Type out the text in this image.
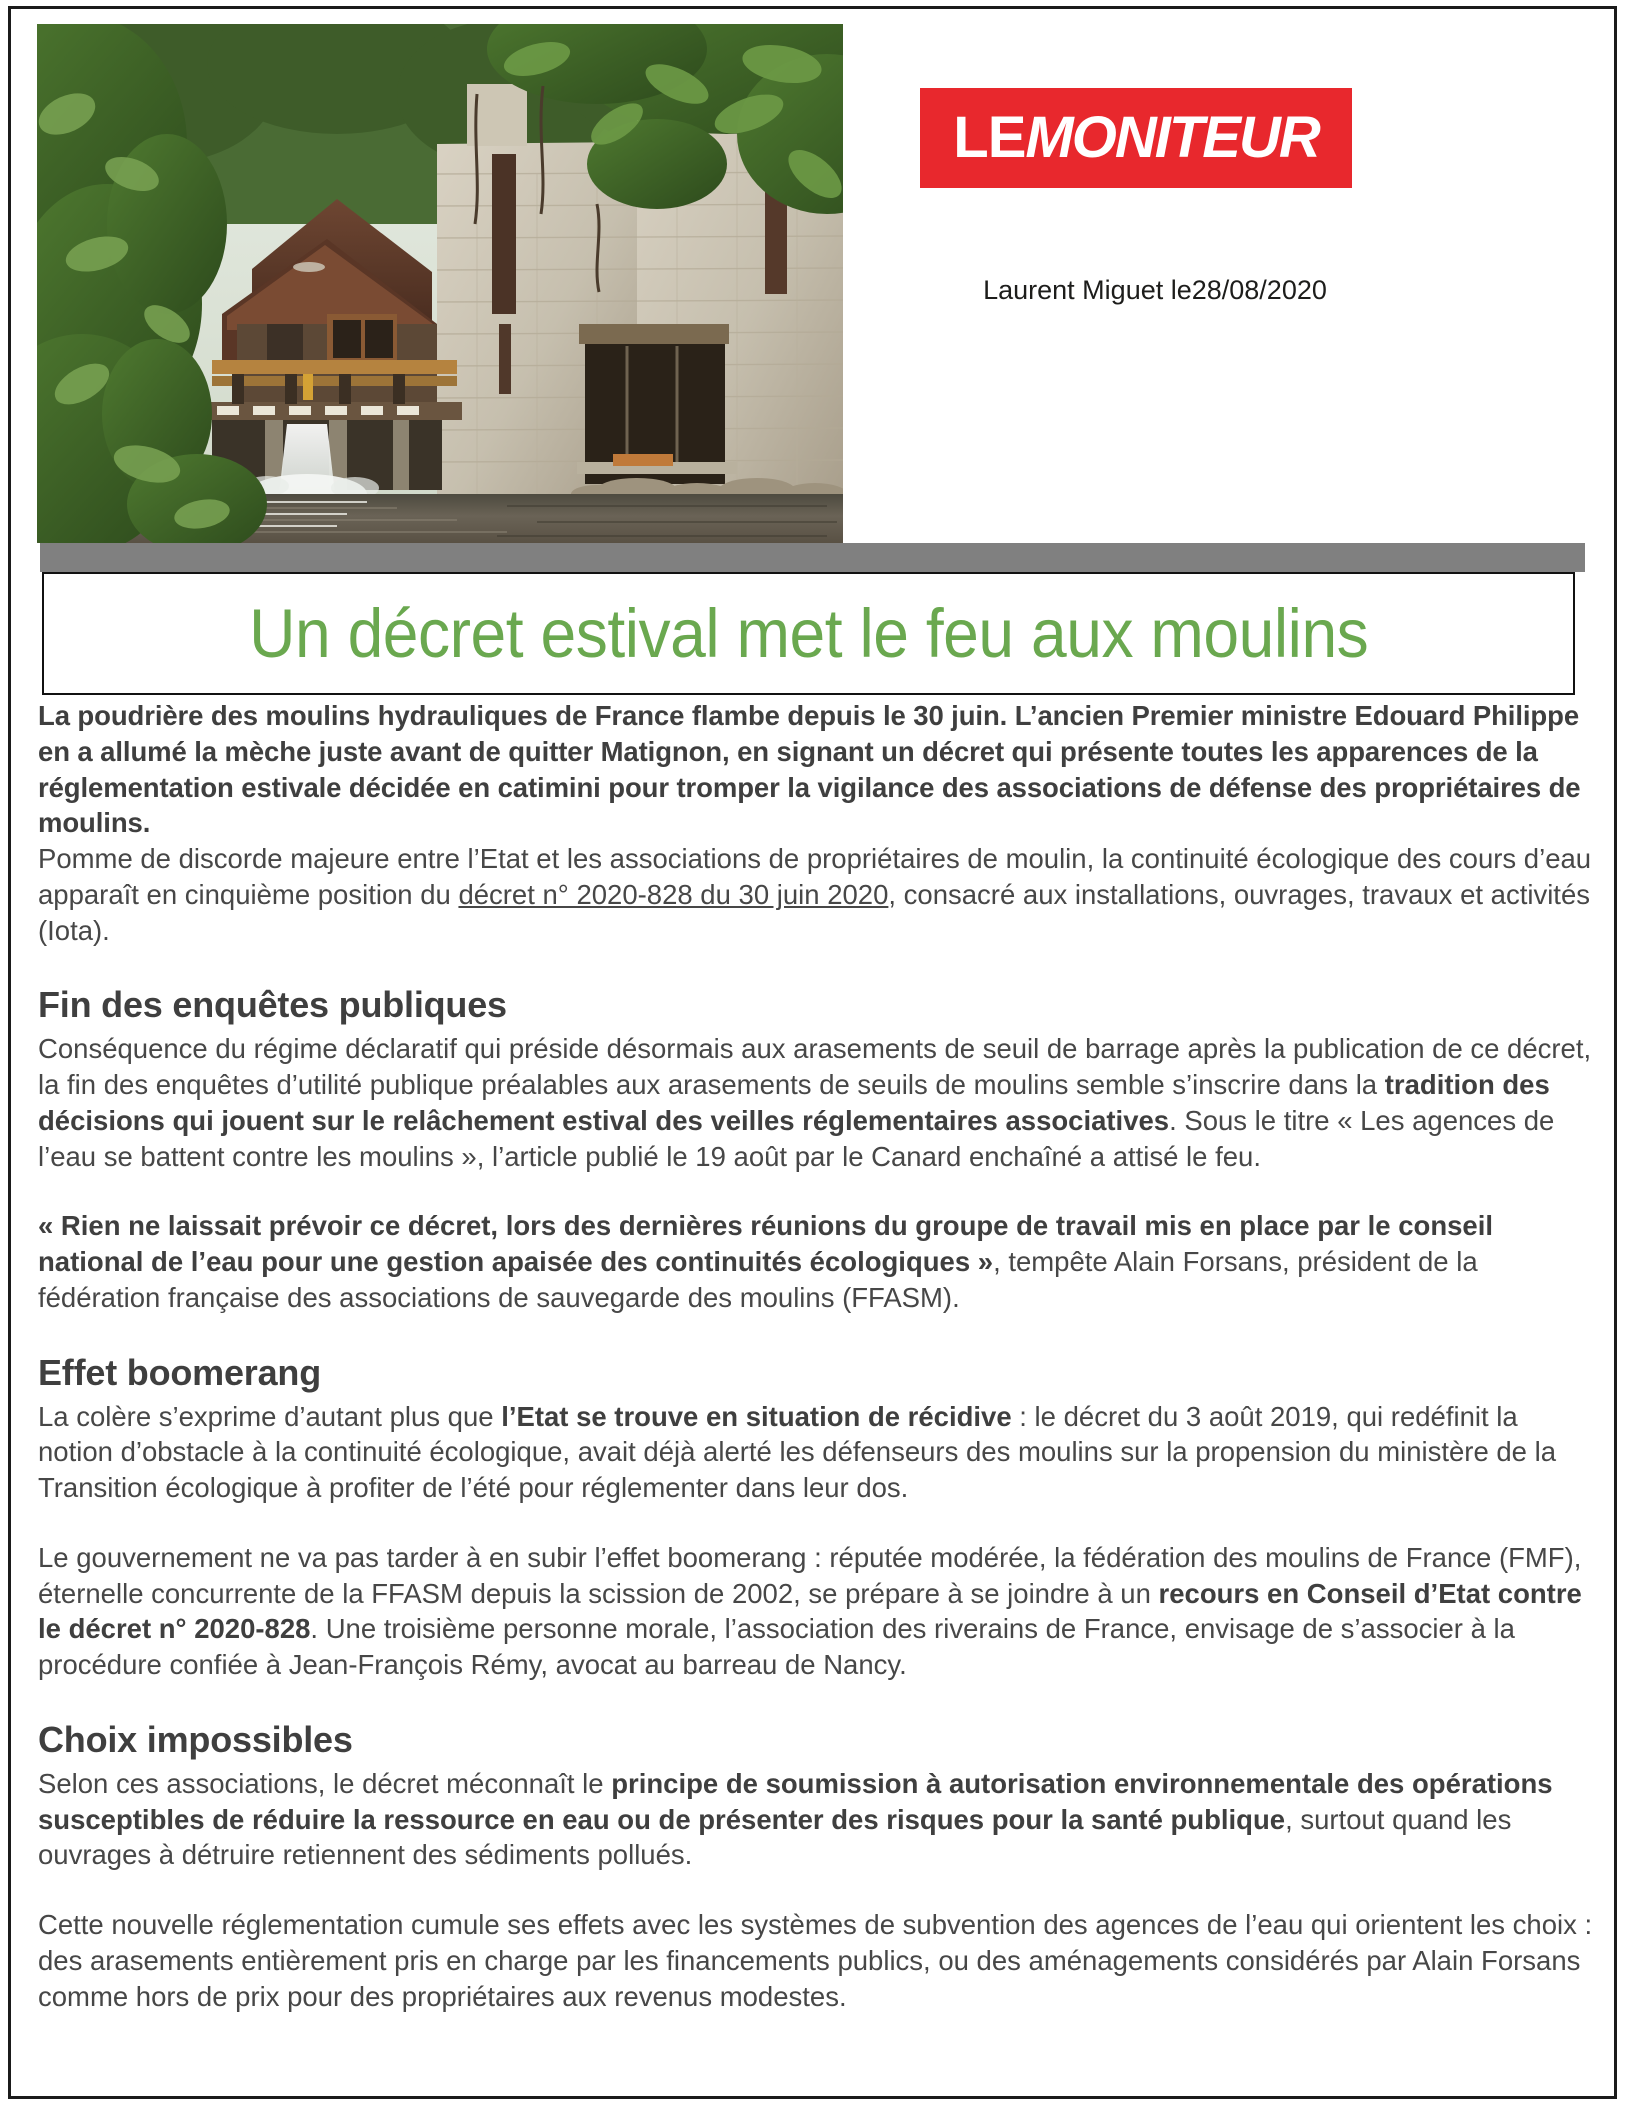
LEMONITEUR
Laurent Miguet le28/08/2020
Un décret estival met le feu aux moulins

La poudrière des moulins hydrauliques de France flambe depuis le 30 juin. L’ancien Premier ministre Edouard Philippe en a allumé la mèche juste avant de quitter Matignon, en signant un décret qui présente toutes les apparences de la réglementation estivale décidée en catimini pour tromper la vigilance des associations de défense des propriétaires de moulins.

Pomme de discorde majeure entre l’Etat et les associations de propriétaires de moulin, la continuité écologique des cours d’eau apparaît en cinquième position du décret n° 2020-828 du 30 juin 2020, consacré aux installations, ouvrages, travaux et activités (Iota).

Fin des enquêtes publiques

Conséquence du régime déclaratif qui préside désormais aux arasements de seuil de barrage après la publication de ce décret, la fin des enquêtes d’utilité publique préalables aux arasements de seuils de moulins semble s’inscrire dans la tradition des décisions qui jouent sur le relâchement estival des veilles réglementaires associatives. Sous le titre « Les agences de l’eau se battent contre les moulins », l’article publié le 19 août par le Canard enchaîné a attisé le feu.

« Rien ne laissait prévoir ce décret, lors des dernières réunions du groupe de travail mis en place par le conseil national de l’eau pour une gestion apaisée des continuités écologiques », tempête Alain Forsans, président de la fédération française des associations de sauvegarde des moulins (FFASM).

Effet boomerang

La colère s’exprime d’autant plus que l’Etat se trouve en situation de récidive : le décret du 3 août 2019, qui redéfinit la notion d’obstacle à la continuité écologique, avait déjà alerté les défenseurs des moulins sur la propension du ministère de la Transition écologique à profiter de l’été pour réglementer dans leur dos.

Le gouvernement ne va pas tarder à en subir l’effet boomerang : réputée modérée, la fédération des moulins de France (FMF), éternelle concurrente de la FFASM depuis la scission de 2002, se prépare à se joindre à un recours en Conseil d’Etat contre le décret n° 2020-828. Une troisième personne morale, l’association des riverains de France, envisage de s’associer à la procédure confiée à Jean-François Rémy, avocat au barreau de Nancy.

Choix impossibles

Selon ces associations, le décret méconnaît le principe de soumission à autorisation environnementale des opérations susceptibles de réduire la ressource en eau ou de présenter des risques pour la santé publique, surtout quand les ouvrages à détruire retiennent des sédiments pollués.

Cette nouvelle réglementation cumule ses effets avec les systèmes de subvention des agences de l’eau qui orientent les choix : des arasements entièrement pris en charge par les financements publics, ou des aménagements considérés par Alain Forsans comme hors de prix pour des propriétaires aux revenus modestes.
